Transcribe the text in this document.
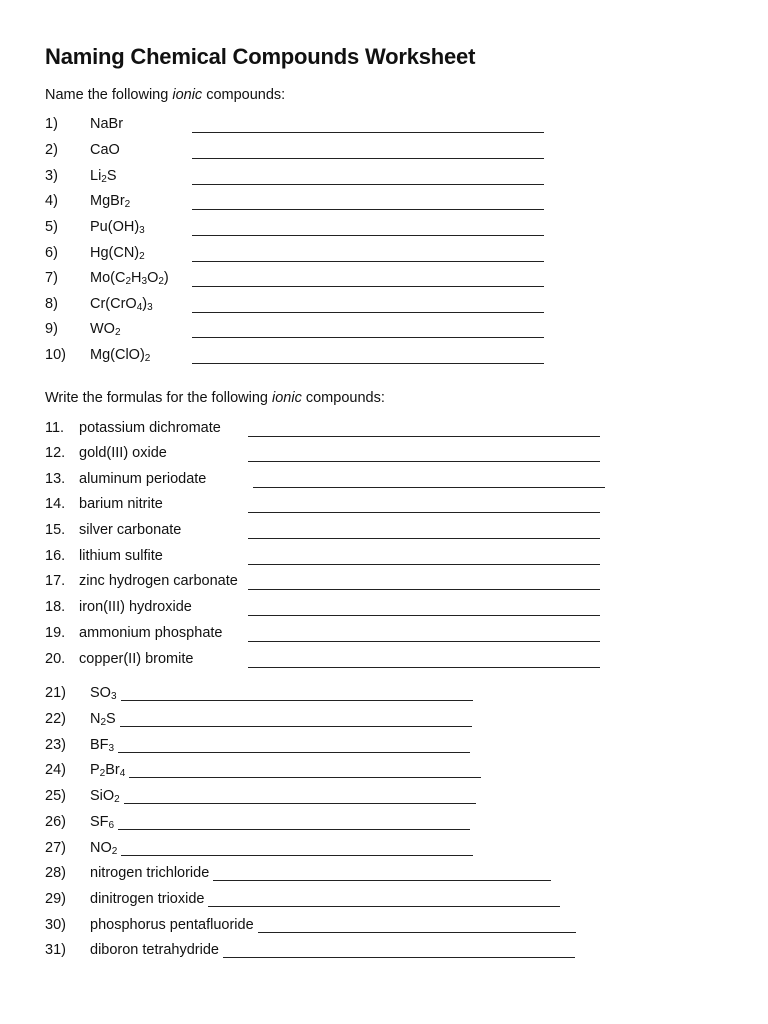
Naming Chemical Compounds Worksheet
Name the following ionic compounds:
1) NaBr
2) CaO
3) $Li_2S$
4) MgBr$_2$
5) $Pu(OH)_3$
6) $Hg(CN)_2$
7) $Mo(C_2H_3O_2)$
8) $Cr(CrO_4)_3$
9) $WO_2$
10) $Mg(ClO)_2$
Write the formulas for the following ionic compounds:
11. potassium dichromate
12. gold(III) oxide
13. aluminum periodate
14. barium nitrite
15. silver carbonate
16. lithium sulfite
17. zinc hydrogen carbonate
18. iron(III) hydroxide
19. ammonium phosphate
20. copper(II) bromite
21) $SO_3$
22) $N_2S$
23) $BF_3$
24) $P_2Br_4$
25) SiO$_2$
26) $SF_6$
27) $NO_2$
28) nitrogen trichloride
29) dinitrogen trioxide
30) phosphorus pentafluoride
31) diboron tetrahydride
